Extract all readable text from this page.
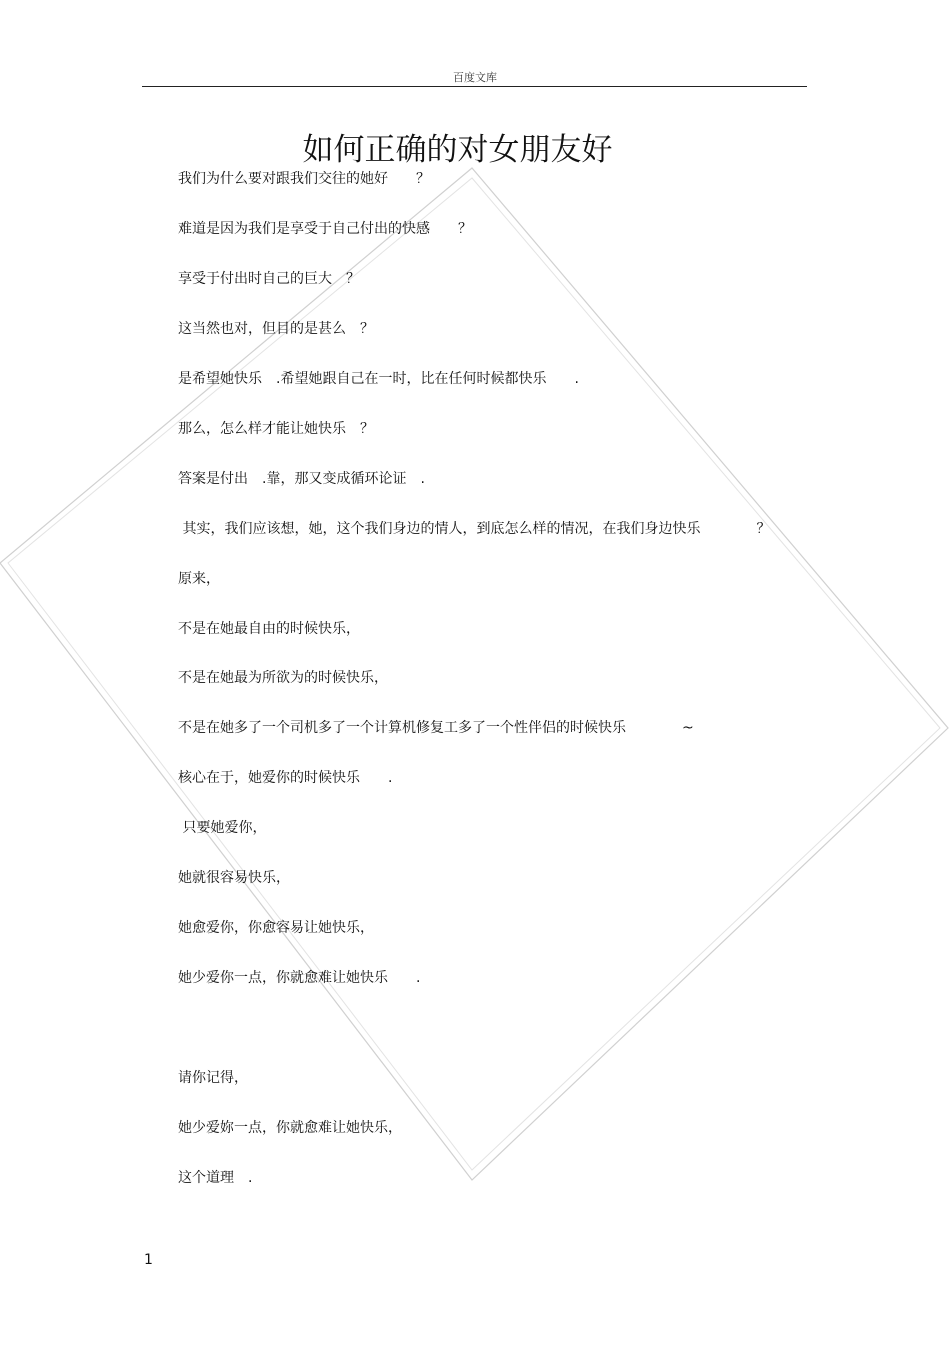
百度文库
如何正确的对女朋友好
我们为什么要对跟我们交往的她好　　？
难道是因为我们是享受于自己付出的快感　　？
享受于付出时自己的巨大　？
这当然也对，但目的是甚么　？
是希望她快乐　.希望她跟自己在一时，比在任何时候都快乐　　.
那么，怎么样才能让她快乐　？
答案是付出　.靠，那又变成循环论证　.
其实，我们应该想，她，这个我们身边的情人，到底怎么样的情况，在我们身边快乐　　　　？
原来，
不是在她最自由的时候快乐，
不是在她最为所欲为的时候快乐，
不是在她多了一个司机多了一个计算机修复工多了一个性伴侣的时候快乐　　　　~
核心在于，她爱你的时候快乐　　.
只要她爱你，
她就很容易快乐，
她愈爱你，你愈容易让她快乐，
她少爱你一点，你就愈难让她快乐　　.
请你记得，
她少爱妳一点，你就愈难让她快乐，
这个道理　.
1
